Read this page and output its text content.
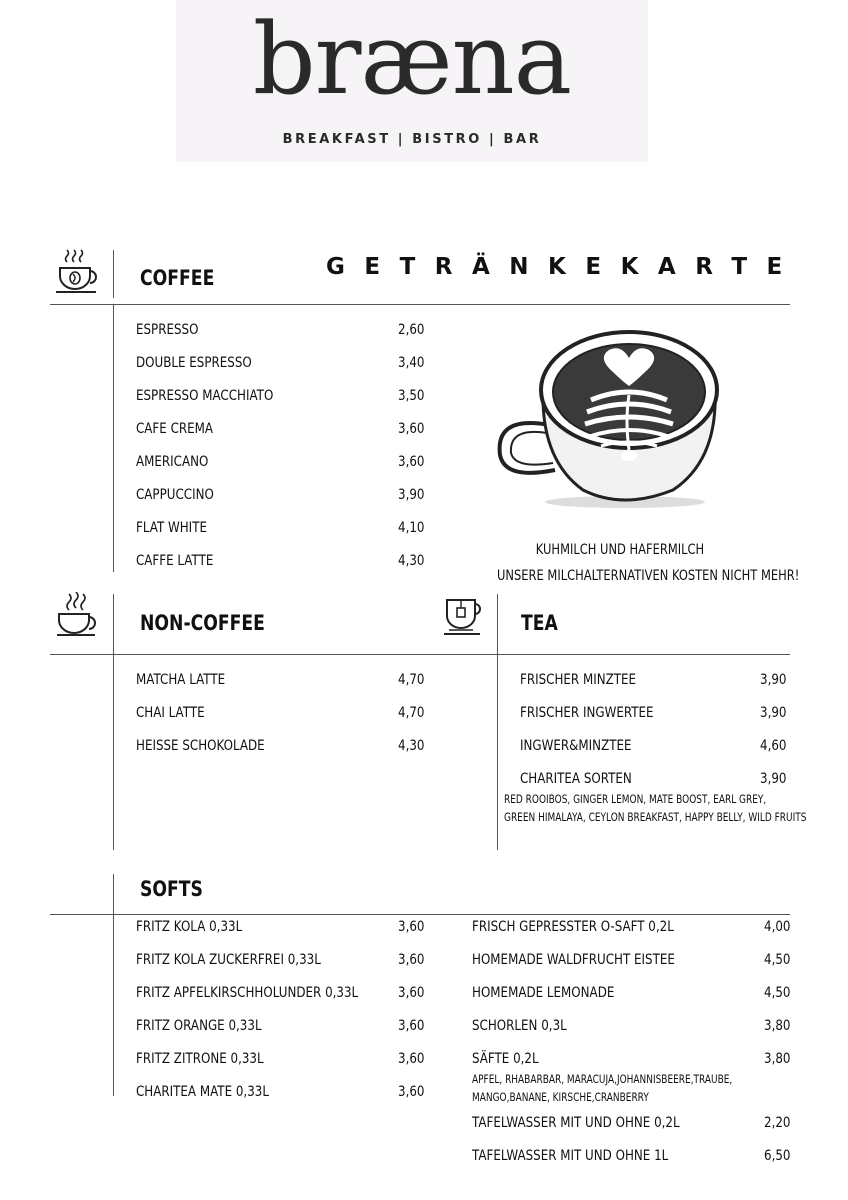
bræna
BREAKFAST | BISTRO | BAR
GETRÄNKEKARTE
COFFEE
ESPRESSO	2,60
DOUBLE ESPRESSO	3,40
ESPRESSO MACCHIATO	3,50
CAFE CREMA	3,60
AMERICANO	3,60
CAPPUCCINO	3,90
FLAT WHITE	4,10
CAFFE LATTE	4,30
KUHMILCH UND HAFERMILCH
UNSERE MILCHALTERNATIVEN KOSTEN NICHT MEHR!
NON-COFFEE
MATCHA LATTE	4,70
CHAI LATTE	4,70
HEISSE SCHOKOLADE	4,30
TEA
FRISCHER MINZTEE	3,90
FRISCHER INGWERTEE	3,90
INGWER&MINZTEE	4,60
CHARITEA SORTEN	3,90
RED ROOIBOS, GINGER LEMON, MATE BOOST, EARL GREY,
GREEN HIMALAYA, CEYLON BREAKFAST, HAPPY BELLY, WILD FRUITS
SOFTS
FRITZ KOLA 0,33L	3,60
FRITZ KOLA ZUCKERFREI 0,33L	3,60
FRITZ APFELKIRSCHHOLUNDER 0,33L	3,60
FRITZ ORANGE 0,33L	3,60
FRITZ ZITRONE 0,33L	3,60
CHARITEA MATE 0,33L	3,60
FRISCH GEPRESSTER O-SAFT 0,2L	4,00
HOMEMADE WALDFRUCHT EISTEE	4,50
HOMEMADE LEMONADE	4,50
SCHORLEN 0,3L	3,80
SÄFTE 0,2L	3,80
APFEL, RHABARBAR, MARACUJA,JOHANNISBEERE,TRAUBE,
MANGO,BANANE, KIRSCHE,CRANBERRY
TAFELWASSER MIT UND OHNE 0,2L	2,20
TAFELWASSER MIT UND OHNE 1L	6,50
